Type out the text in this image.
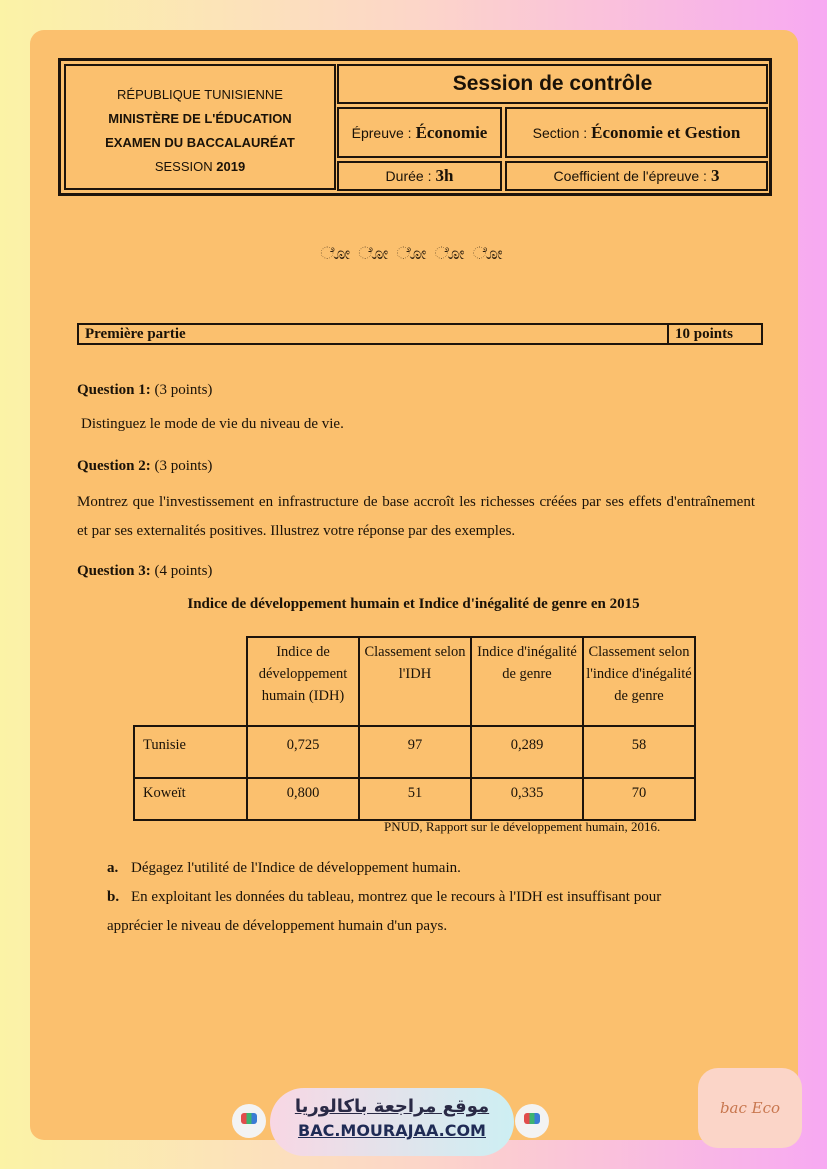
RÉPUBLIQUE TUNISIENNE
MINISTÈRE DE L'ÉDUCATION
EXAMEN DU BACCALAURÉAT
SESSION 2019
Session de contrôle
Épreuve : Économie	Section : Économie et Gestion
Durée : 3h	Coefficient de l'épreuve : 3
ೋ ೋ ೋ ೋ ೋ
Première partie	10 points
Question 1: (3 points)
Distinguez le mode de vie du niveau de vie.
Question 2: (3 points)
Montrez que l'investissement en infrastructure de base accroît les richesses créées par ses effets d'entraînement et par ses externalités positives. Illustrez votre réponse par des exemples.
Question 3: (4 points)
Indice de développement humain et Indice d'inégalité de genre en 2015
	Indice de développement humain (IDH)	Classement selon l'IDH	Indice d'inégalité de genre	Classement selon l'indice d'inégalité de genre
Tunisie	0,725	97	0,289	58
Koweït	0,800	51	0,335	70
PNUD, Rapport sur le développement humain, 2016.
a. Dégagez l'utilité de l'Indice de développement humain.
b. En exploitant les données du tableau, montrez que le recours à l'IDH est insuffisant pour apprécier le niveau de développement humain d'un pays.
موقع مراجعة باكالوريا
BAC.MOURAJAA.COM
bac Eco
